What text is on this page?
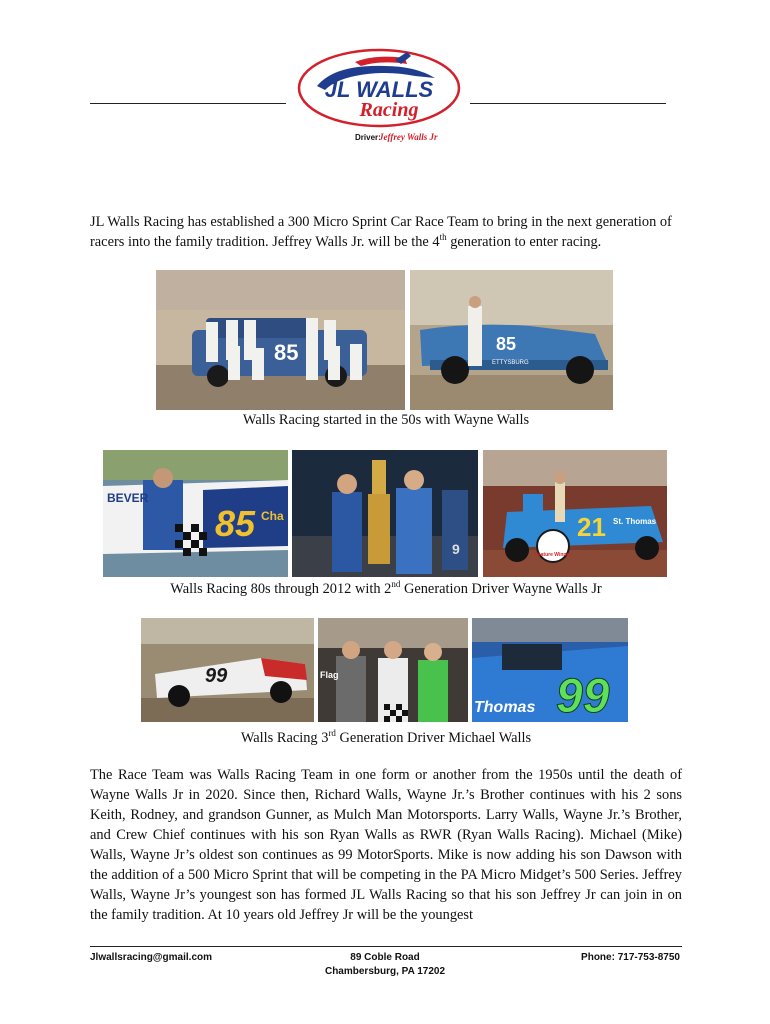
JL WALLS
Racing
Driver:
Jeffrey Walls Jr

JL Walls Racing has established a 300 Micro Sprint Car Race Team to bring in the next generation of racers into the family tradition. Jeffrey Walls Jr. will be the 4th generation to enter racing.

85	85
ETTYSBURG
Walls Racing started in the 50s with Wayne Walls
85 Cha
BEVER
9
21 St. Thomas
Feature Winner
Walls Racing 80s through 2012 with 2nd Generation Driver Wayne Walls Jr
99	Flag	99
Thomas
Walls Racing 3rd Generation Driver Michael Walls

The Race Team was Walls Racing Team in one form or another from the 1950s until the death of Wayne Walls Jr in 2020. Since then, Richard Walls, Wayne Jr.’s Brother continues with his 2 sons Keith, Rodney, and grandson Gunner, as Mulch Man Motorsports. Larry Walls, Wayne Jr.’s Brother, and Crew Chief continues with his son Ryan Walls as RWR (Ryan Walls Racing). Michael (Mike) Walls, Wayne Jr’s oldest son continues as 99 MotorSports. Mike is now adding his son Dawson with the addition of a 500 Micro Sprint that will be competing in the PA Micro Midget’s 500 Series. Jeffrey Walls, Wayne Jr’s youngest son has formed JL Walls Racing so that his son Jeffrey Jr can join in on the family tradition. At 10 years old Jeffrey Jr will be the youngest

Jlwallsracing@gmail.com	89 Coble Road
Chambersburg, PA 17202
Phone: 717-753-8750
